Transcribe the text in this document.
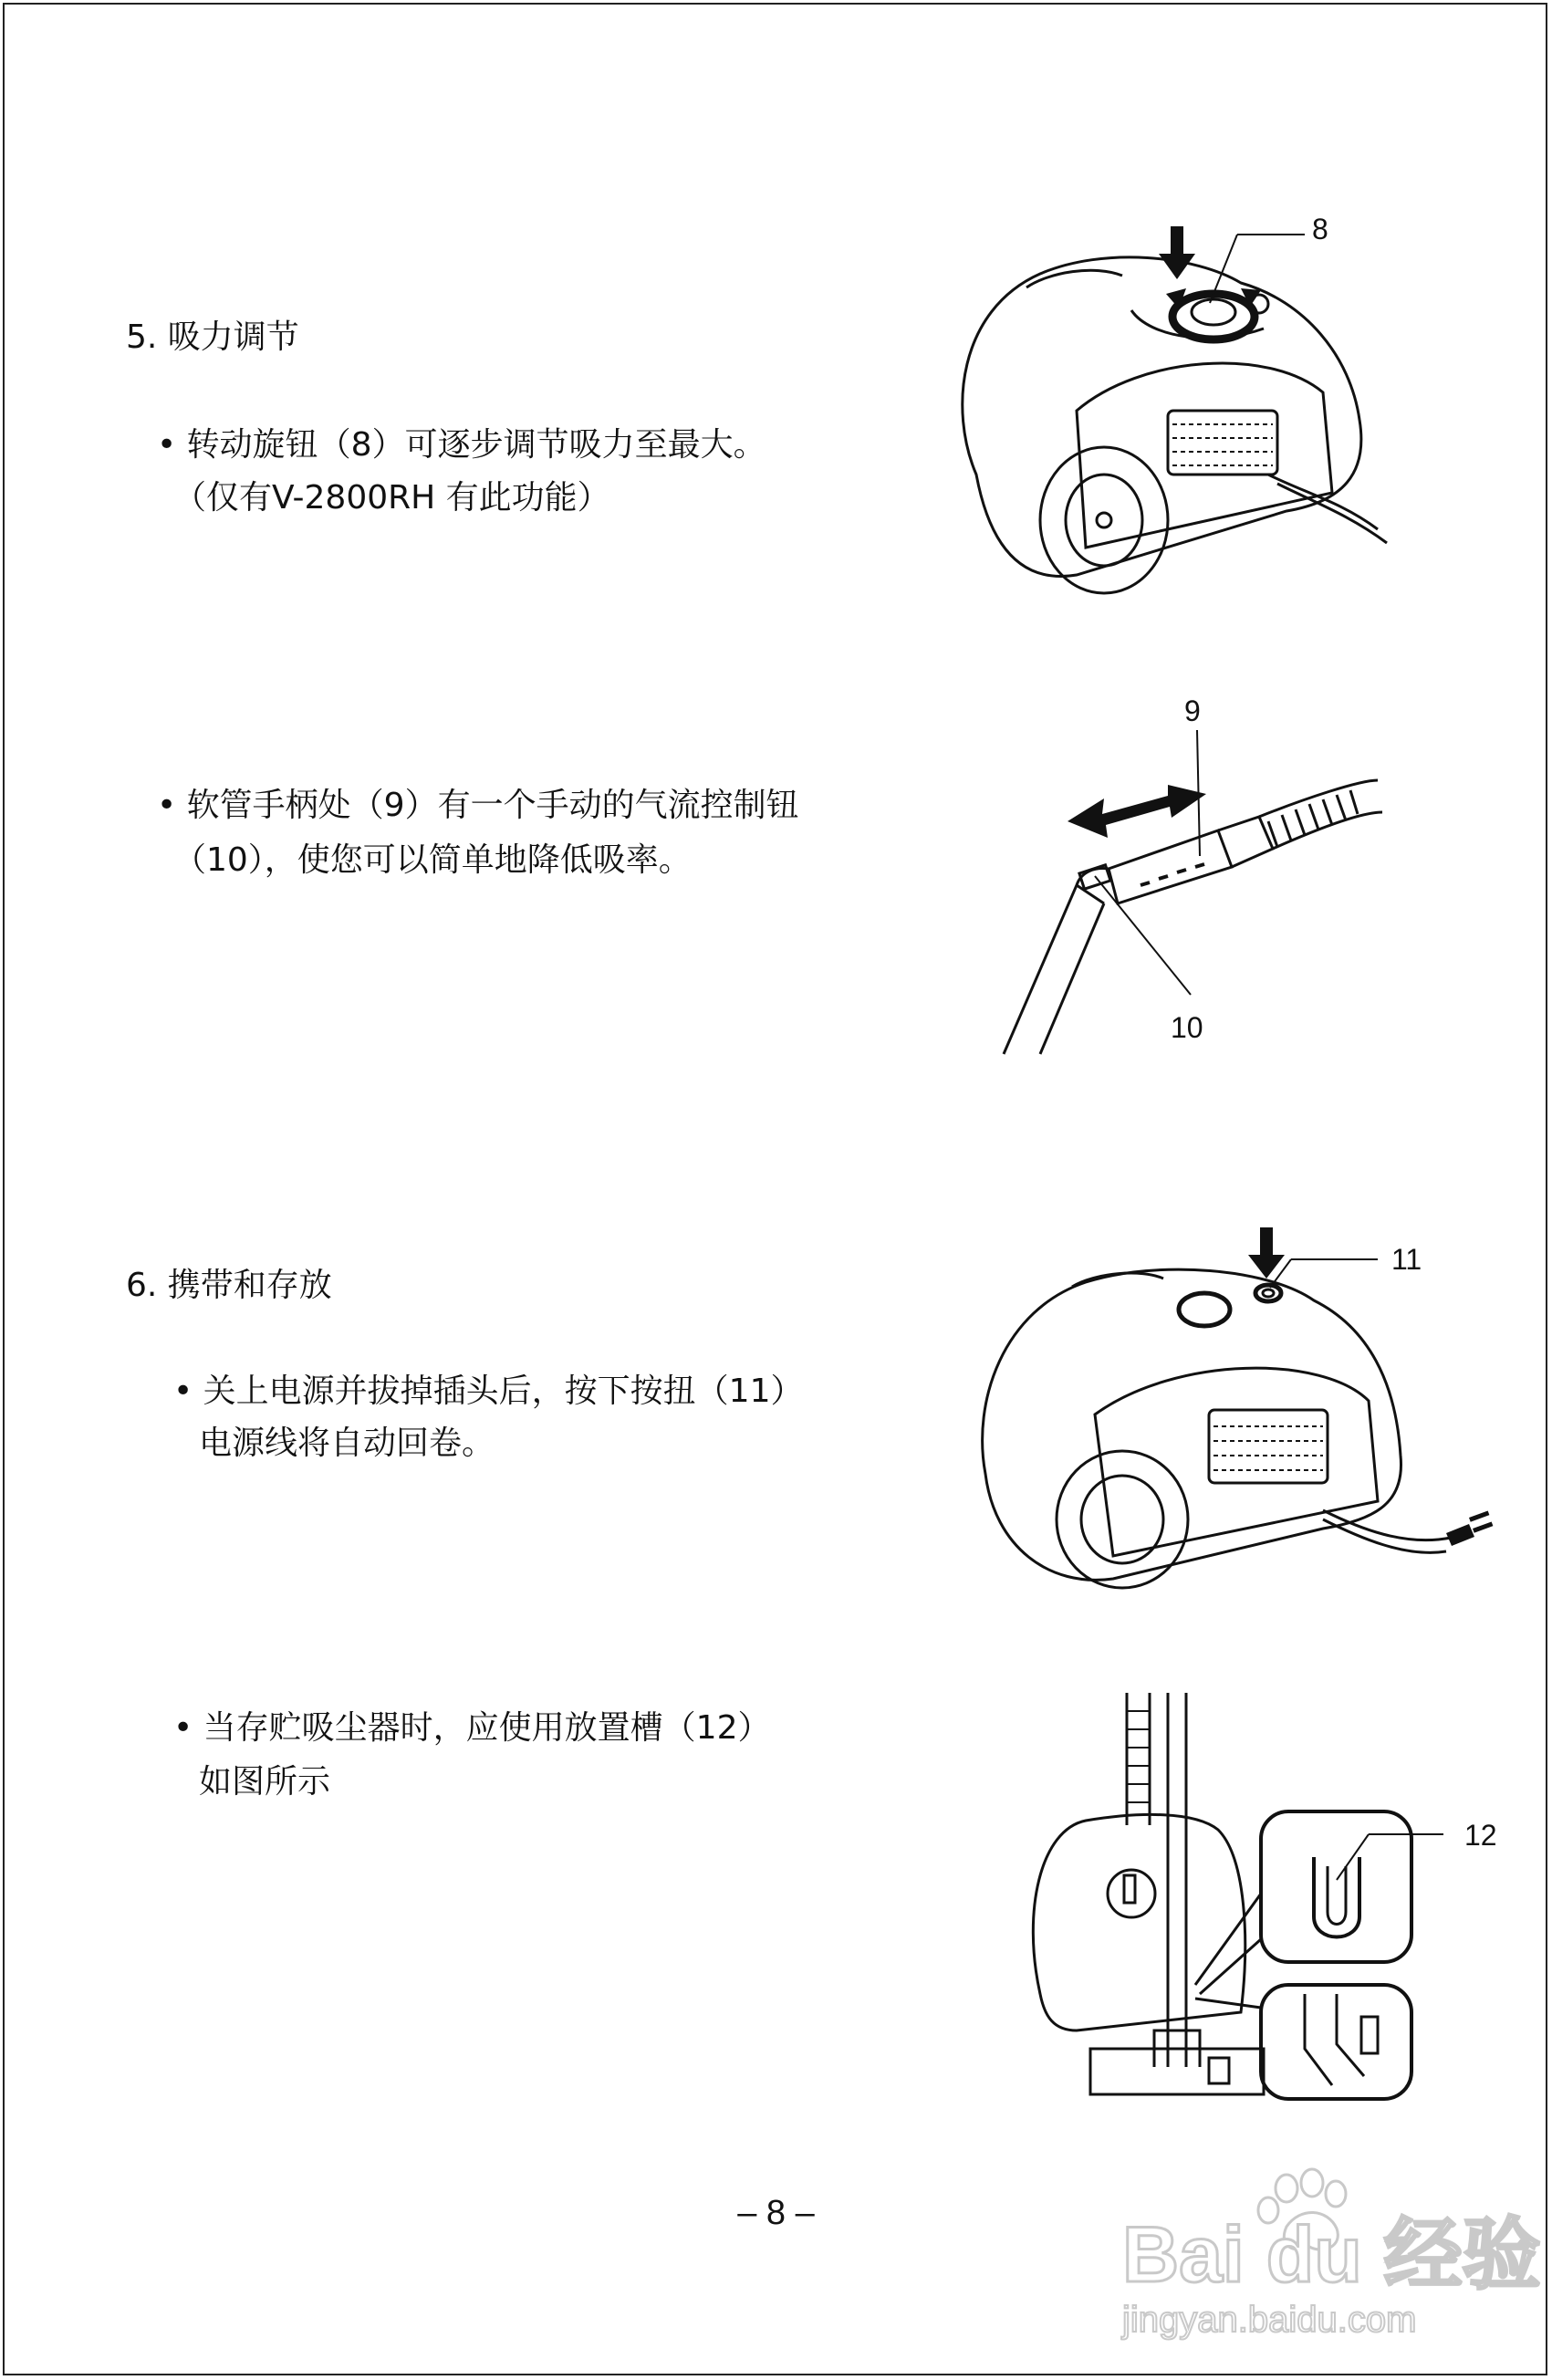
5. 吸力调节
• 转动旋钮（8）可逐步调节吸力至最大。
（仅有V-2800RH 有此功能）
• 软管手柄处（9）有一个手动的气流控制钮
（10），使您可以简单地降低吸率。
6. 携带和存放
• 关上电源并拔掉插头后，按下按扭（11）
电源线将自动回卷。
• 当存贮吸尘器时，应使用放置槽（12）
如图所示
8
9
10
11
12
– 8 –	Bai du 经验
jingyan.baidu.com
